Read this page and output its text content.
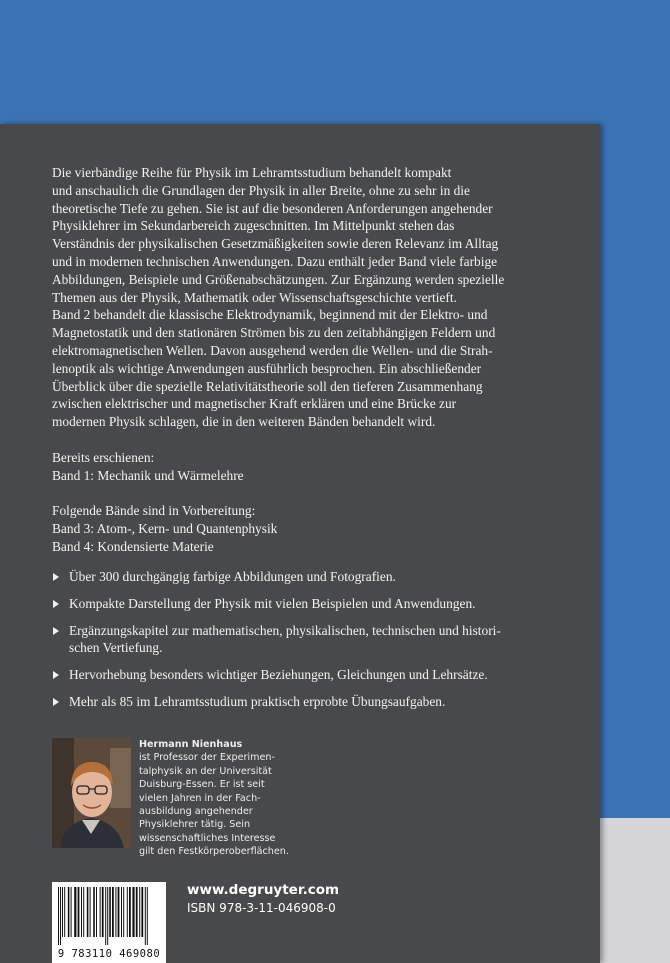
Die vierbändige Reihe für Physik im Lehramtsstudium behandelt kompakt

und anschaulich die Grundlagen der Physik in aller Breite, ohne zu sehr in die

theoretische Tiefe zu gehen. Sie ist auf die besonderen Anforderungen angehender

Physiklehrer im Sekundarbereich zugeschnitten. Im Mittelpunkt stehen das

Verständnis der physikalischen Gesetzmäßigkeiten sowie deren Relevanz im Alltag

und in modernen technischen Anwendungen. Dazu enthält jeder Band viele farbige

Abbildungen, Beispiele und Größenabschätzungen. Zur Ergänzung werden spezielle

Themen aus der Physik, Mathematik oder Wissenschaftsgeschichte vertieft.

Band 2 behandelt die klassische Elektrodynamik, beginnend mit der Elektro- und

Magnetostatik und den stationären Strömen bis zu den zeitabhängigen Feldern und

elektromagnetischen Wellen. Davon ausgehend werden die Wellen- und die Strah-

lenoptik als wichtige Anwendungen ausführlich besprochen. Ein abschließender

Überblick über die spezielle Relativitätstheorie soll den tieferen Zusammenhang

zwischen elektrischer und magnetischer Kraft erklären und eine Brücke zur

modernen Physik schlagen, die in den weiteren Bänden behandelt wird.

Bereits erschienen:

Band 1: Mechanik und Wärmelehre

Folgende Bände sind in Vorbereitung:

Band 3: Atom-, Kern- und Quantenphysik

Band 4: Kondensierte Materie

Über 300 durchgängig farbige Abbildungen und Fotografien.
Kompakte Darstellung der Physik mit vielen Beispielen und Anwendungen.
Ergänzungskapitel zur mathematischen, physikalischen, technischen und histori-
schen Vertiefung.
Hervorhebung besonders wichtiger Beziehungen, Gleichungen und Lehrsätze.
Mehr als 85 im Lehramtsstudium praktisch erprobte Übungsaufgaben.
Hermann Nienhaus
ist Professor der Experimen-
talphysik an der Universität
Duisburg-Essen. Er ist seit
vielen Jahren in der Fach-
ausbildung angehender
Physiklehrer tätig. Sein
wissenschaftliches Interesse
gilt den Festkörperoberflächen.
9 783110 469080
www.degruyter.com
ISBN 978-3-11-046908-0
